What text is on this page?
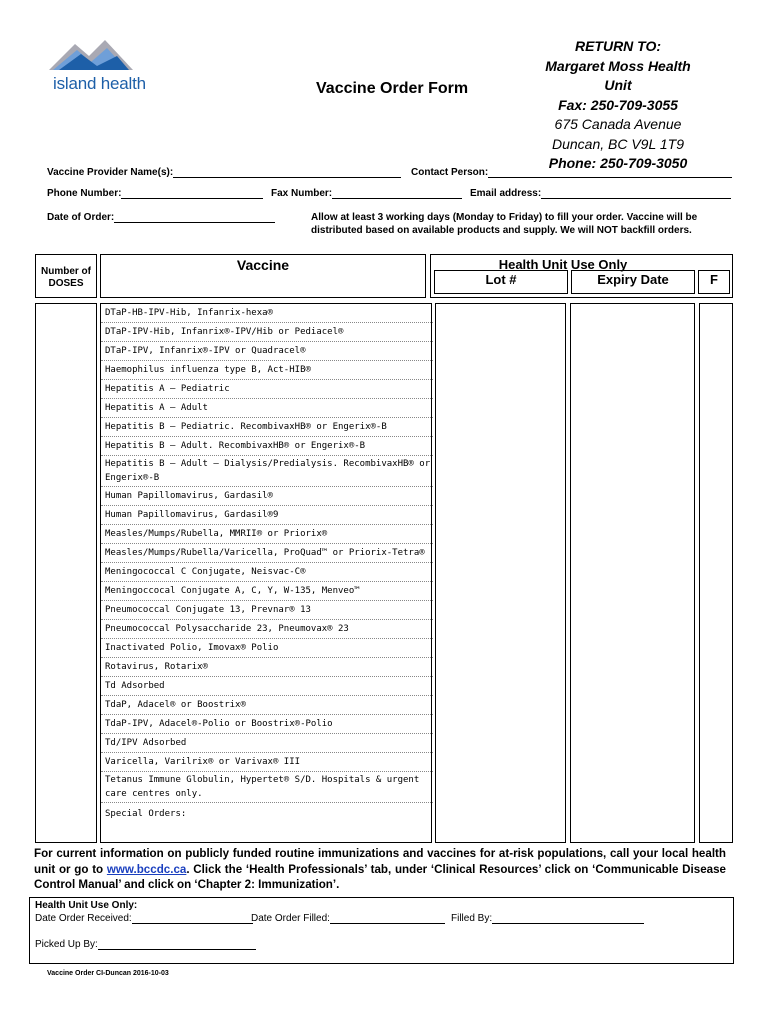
island health	Vaccine Order Form
RETURN TO:
Margaret Moss Health Unit
Fax: 250-709-3055
675 Canada Avenue
Duncan, BC V9L 1T9
Phone: 250-709-3050
Vaccine Provider Name(s):	Contact Person:
Phone Number:	Fax Number:	Email address:
Date of Order:	Allow at least 3 working days (Monday to Friday) to fill your order. Vaccine will be distributed based on available products and supply. We will NOT backfill orders.
Number of DOSES
Vaccine	Health Unit Use Only
Lot #	Expiry Date	F
DTaP-HB-IPV-Hib, Infanrix-hexa®
DTaP-IPV-Hib, Infanrix®-IPV/Hib or Pediacel®
DTaP-IPV, Infanrix®-IPV or Quadracel®
Haemophilus influenza type B, Act-HIB®
Hepatitis A – Pediatric
Hepatitis A – Adult
Hepatitis B – Pediatric. RecombivaxHB® or Engerix®-B
Hepatitis B – Adult. RecombivaxHB® or Engerix®-B
Hepatitis B – Adult – Dialysis/Predialysis. RecombivaxHB® or Engerix®-B
Human Papillomavirus, Gardasil®
Human Papillomavirus, Gardasil®9
Measles/Mumps/Rubella, MMRII® or Priorix®
Measles/Mumps/Rubella/Varicella, ProQuad™ or Priorix-Tetra®
Meningococcal C Conjugate, Neisvac-C®
Meningoccocal Conjugate A, C, Y, W-135, Menveo™
Pneumococcal Conjugate 13, Prevnar® 13
Pneumococcal Polysaccharide 23, Pneumovax® 23
Inactivated Polio, Imovax® Polio
Rotavirus, Rotarix®
Td Adsorbed
TdaP, Adacel® or Boostrix®
TdaP-IPV, Adacel®-Polio or Boostrix®-Polio
Td/IPV Adsorbed
Varicella, Varilrix® or Varivax® III
Tetanus Immune Globulin, Hypertet® S/D. Hospitals & urgent care centres only.
Special Orders:
For current information on publicly funded routine immunizations and vaccines for at-risk populations, call your local health unit or go to www.bccdc.ca. Click the ‘Health Professionals’ tab, under ‘Clinical Resources’ click on ‘Communicable Disease Control Manual’ and click on ‘Chapter 2: Immunization’.
Health Unit Use Only:
Date Order Received:	Date Order Filled:	Filled By:
Picked Up By:
Vaccine Order CI-Duncan 2016-10-03
